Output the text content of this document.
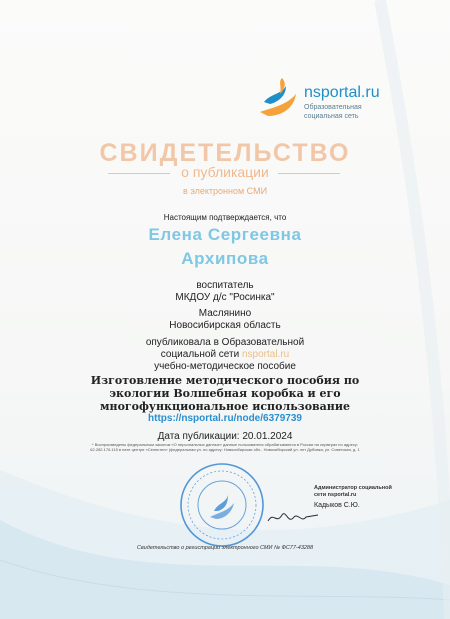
nsportal.ru
Образовательная социальная сеть
СВИДЕТЕЛЬСТВО
о публикации
в электронном СМИ
Настоящим подтверждается, что
Елена Сергеевна
Архипова
воспитатель
МКДОУ д/с "Росинка"
Маслянино
Новосибирская область
опубликовала в Образовательной
социальной сети nsportal.ru
учебно-методическое пособие
Изготовление методического пособия по
экологии Волшебная коробка и его
многофункциональное использование
https://nsportal.ru/node/6379739
Дата публикации: 20.01.2024
* Воспроизведены федеральным законом «О персональных данных» данные пользователя обрабатываются в России на серверах по адресу: 62.282.176.115 в пате центре «Селектел» (федеральная ул. по адресу: Новосибирская обл., Новосибирский ул. лет Дубовка, ул. Советская, д. 1
Администратор социальной
сети nsportal.ru
Кадыков С.Ю.
Свидетельство о регистрации электронного СМИ № ФС77-43288
